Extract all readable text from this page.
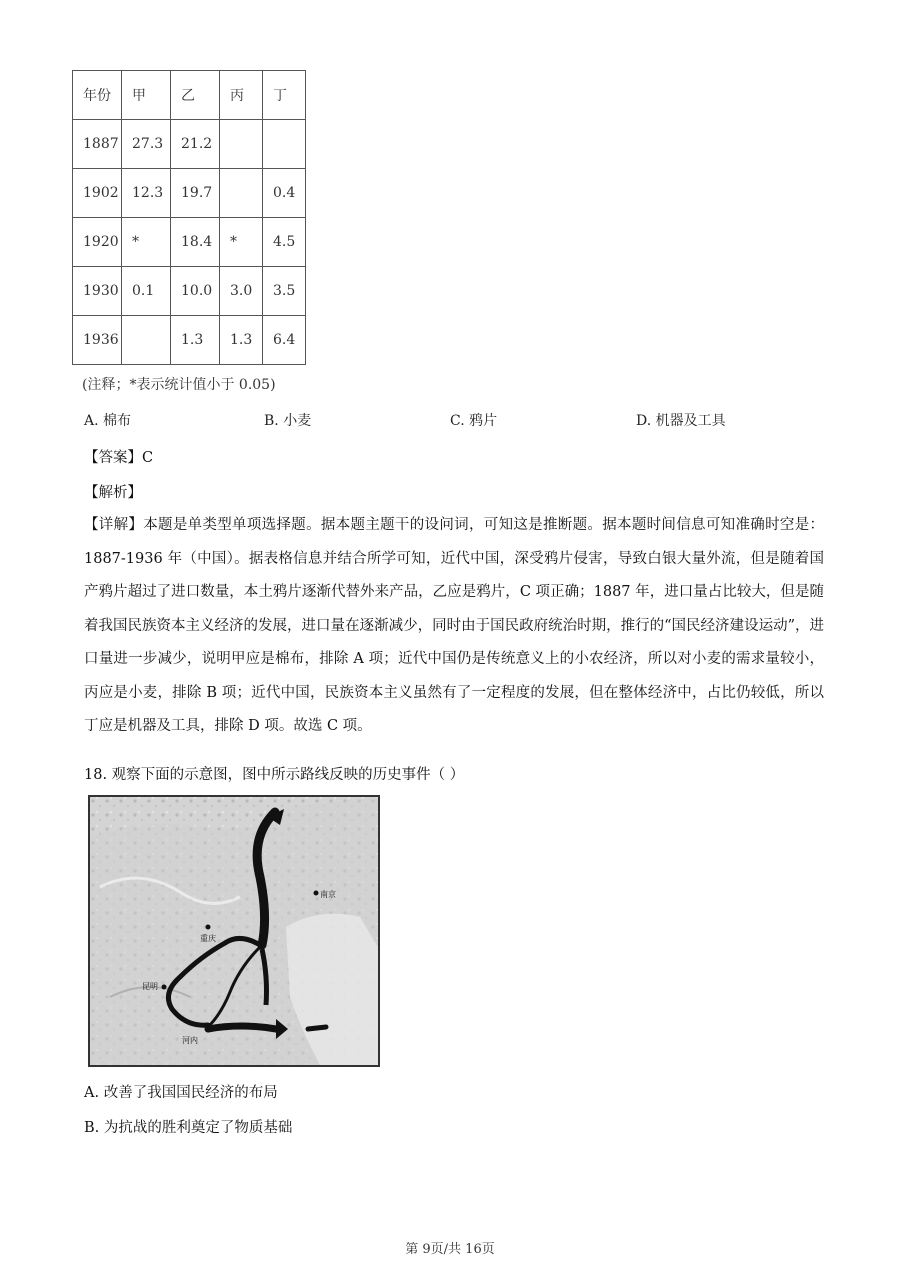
年份	甲	乙	丙	丁
1887	27.3	21.2		
1902	12.3	19.7		0.4
1920	*	18.4	*	4.5
1930	0.1	10.0	3.0	3.5
1936		1.3	1.3	6.4
(注释；*表示统计值小于 0.05)
A. 棉布	B. 小麦	C. 鸦片	D. 机器及工具
【答案】C
【解析】
【详解】本题是单类型单项选择题。据本题主题干的设问词，可知这是推断题。据本题时间信息可知准确时空是：1887-1936 年（中国）。据表格信息并结合所学可知，近代中国，深受鸦片侵害，导致白银大量外流，但是随着国产鸦片超过了进口数量，本土鸦片逐渐代替外来产品，乙应是鸦片，C 项正确；1887 年，进口量占比较大，但是随着我国民族资本主义经济的发展，进口量在逐渐减少，同时由于国民政府统治时期，推行的“国民经济建设运动”，进口量进一步减少，说明甲应是棉布，排除 A 项；近代中国仍是传统意义上的小农经济，所以对小麦的需求量较小，丙应是小麦，排除 B 项；近代中国，民族资本主义虽然有了一定程度的发展，但在整体经济中，占比仍较低，所以丁应是机器及工具，排除 D 项。故选 C 项。
18. 观察下面的示意图，图中所示路线反映的历史事件（ ）
南京
重庆
昆明
河内
A. 改善了我国国民经济的布局
B. 为抗战的胜利奠定了物质基础
第 9页/共 16页
